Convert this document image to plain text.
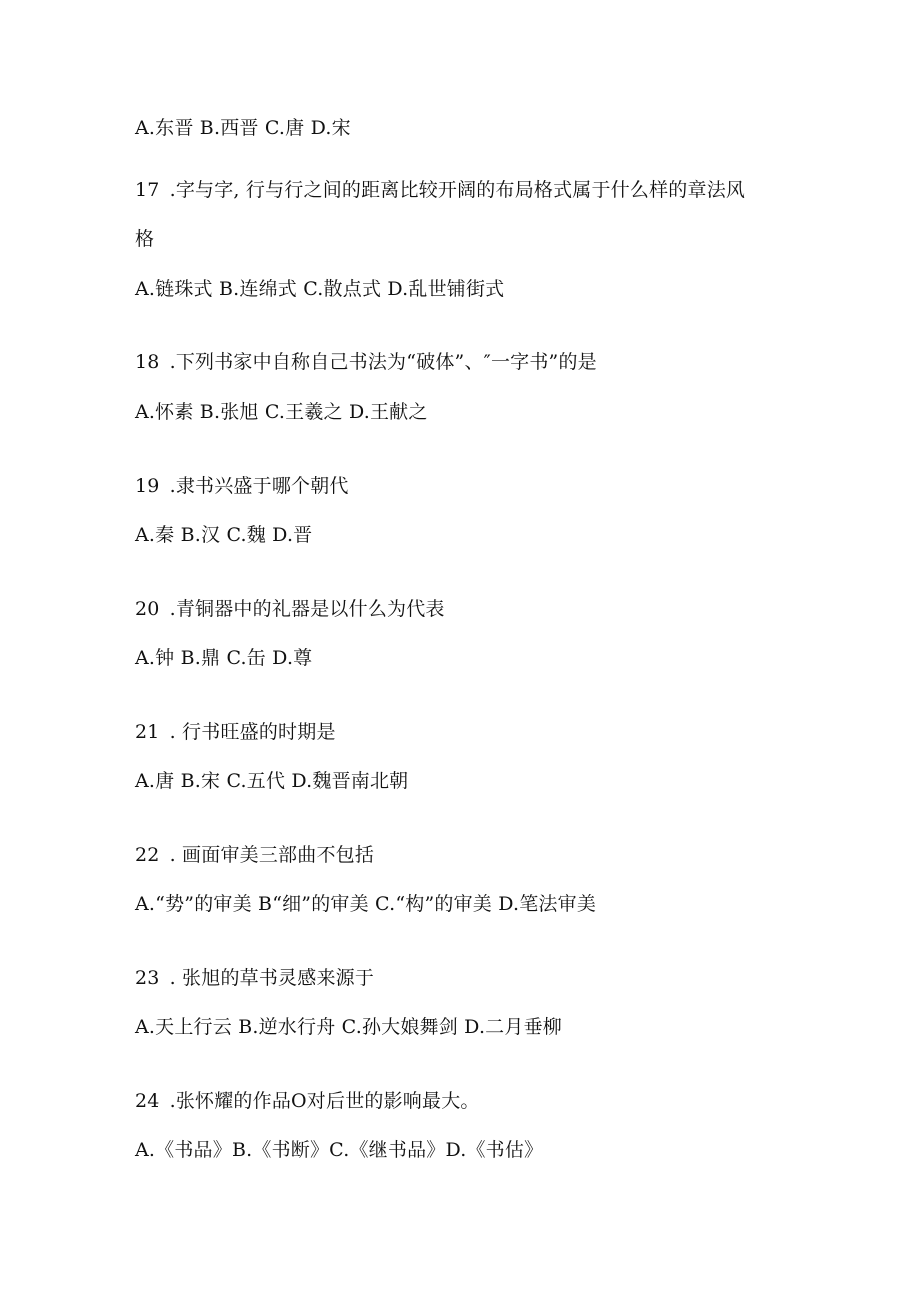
A.东晋 B.西晋 C.唐 D.宋
17 .字与字, 行与行之间的距离比较开阔的布局格式属于什么样的章法风
格
A.链珠式 B.连绵式 C.散点式 D.乱世铺街式
18 .下列书家中自称自己书法为“破体”、″一字书”的是
A.怀素 B.张旭 C.王羲之 D.王献之
19 .隶书兴盛于哪个朝代
A.秦 B.汉 C.魏 D.晋
20 .青铜器中的礼器是以什么为代表
A.钟 B.鼎 C.缶 D.尊
21 . 行书旺盛的时期是
A.唐 B.宋 C.五代 D.魏晋南北朝
22 . 画面审美三部曲不包括
A.“势”的审美 B“细”的审美 C.“构”的审美 D.笔法审美
23 . 张旭的草书灵感来源于
A.天上行云 B.逆水行舟 C.孙大娘舞剑 D.二月垂柳
24 .张怀耀的作品O对后世的影响最大。
A.《书品》B.《书断》C.《继书品》D.《书估》
